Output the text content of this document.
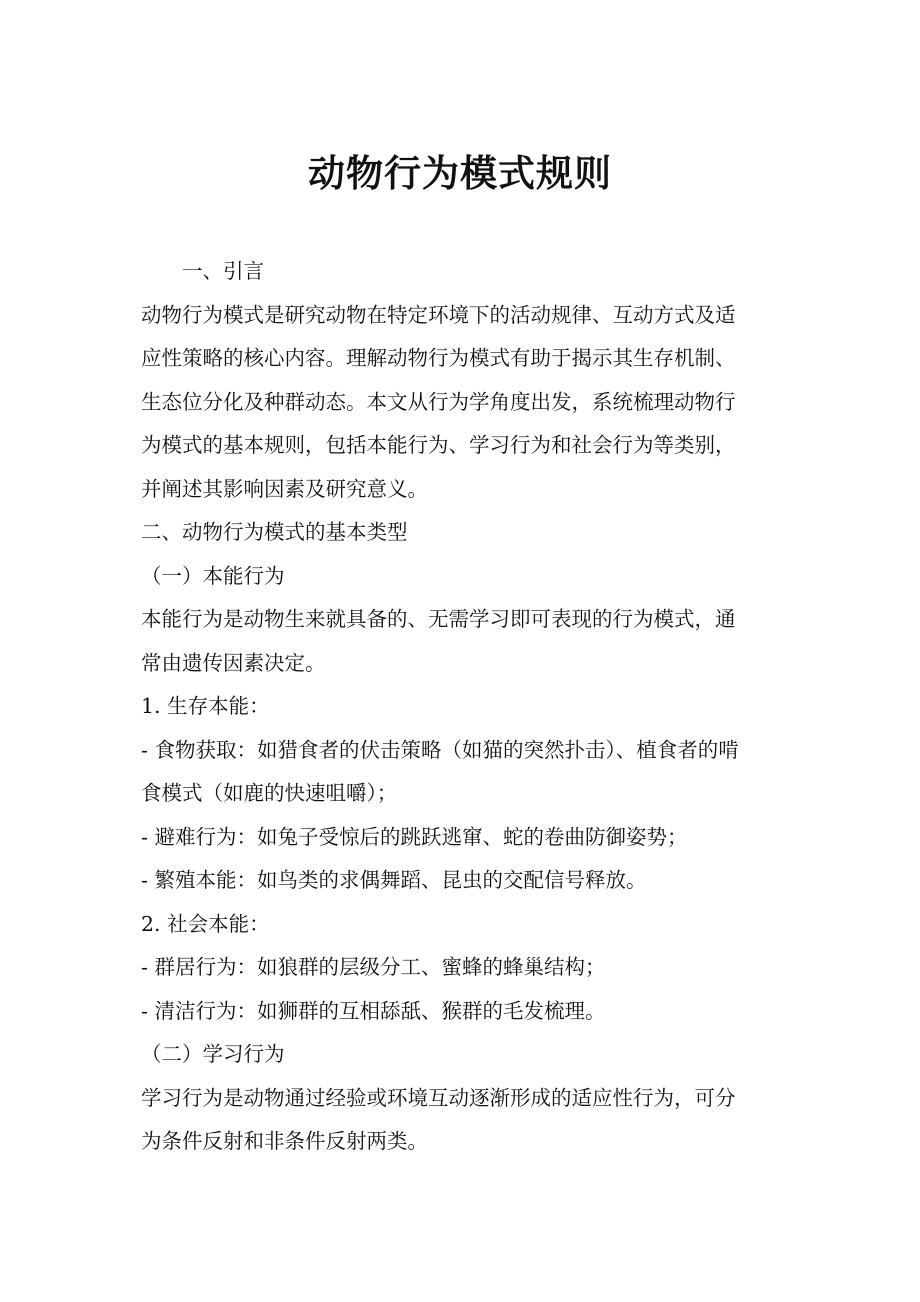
动物行为模式规则

一、引言

动物行为模式是研究动物在特定环境下的活动规律、互动方式及适

应性策略的核心内容。理解动物行为模式有助于揭示其生存机制、

生态位分化及种群动态。本文从行为学角度出发，系统梳理动物行

为模式的基本规则，包括本能行为、学习行为和社会行为等类别，

并阐述其影响因素及研究意义。

二、动物行为模式的基本类型

（一）本能行为

本能行为是动物生来就具备的、无需学习即可表现的行为模式，通

常由遗传因素决定。

1. 生存本能：

- 食物获取：如猎食者的伏击策略（如猫的突然扑击）、植食者的啃

食模式（如鹿的快速咀嚼）；

- 避难行为：如兔子受惊后的跳跃逃窜、蛇的卷曲防御姿势；

- 繁殖本能：如鸟类的求偶舞蹈、昆虫的交配信号释放。

2. 社会本能：

- 群居行为：如狼群的层级分工、蜜蜂的蜂巢结构；

- 清洁行为：如狮群的互相舔舐、猴群的毛发梳理。

（二）学习行为

学习行为是动物通过经验或环境互动逐渐形成的适应性行为，可分

为条件反射和非条件反射两类。
